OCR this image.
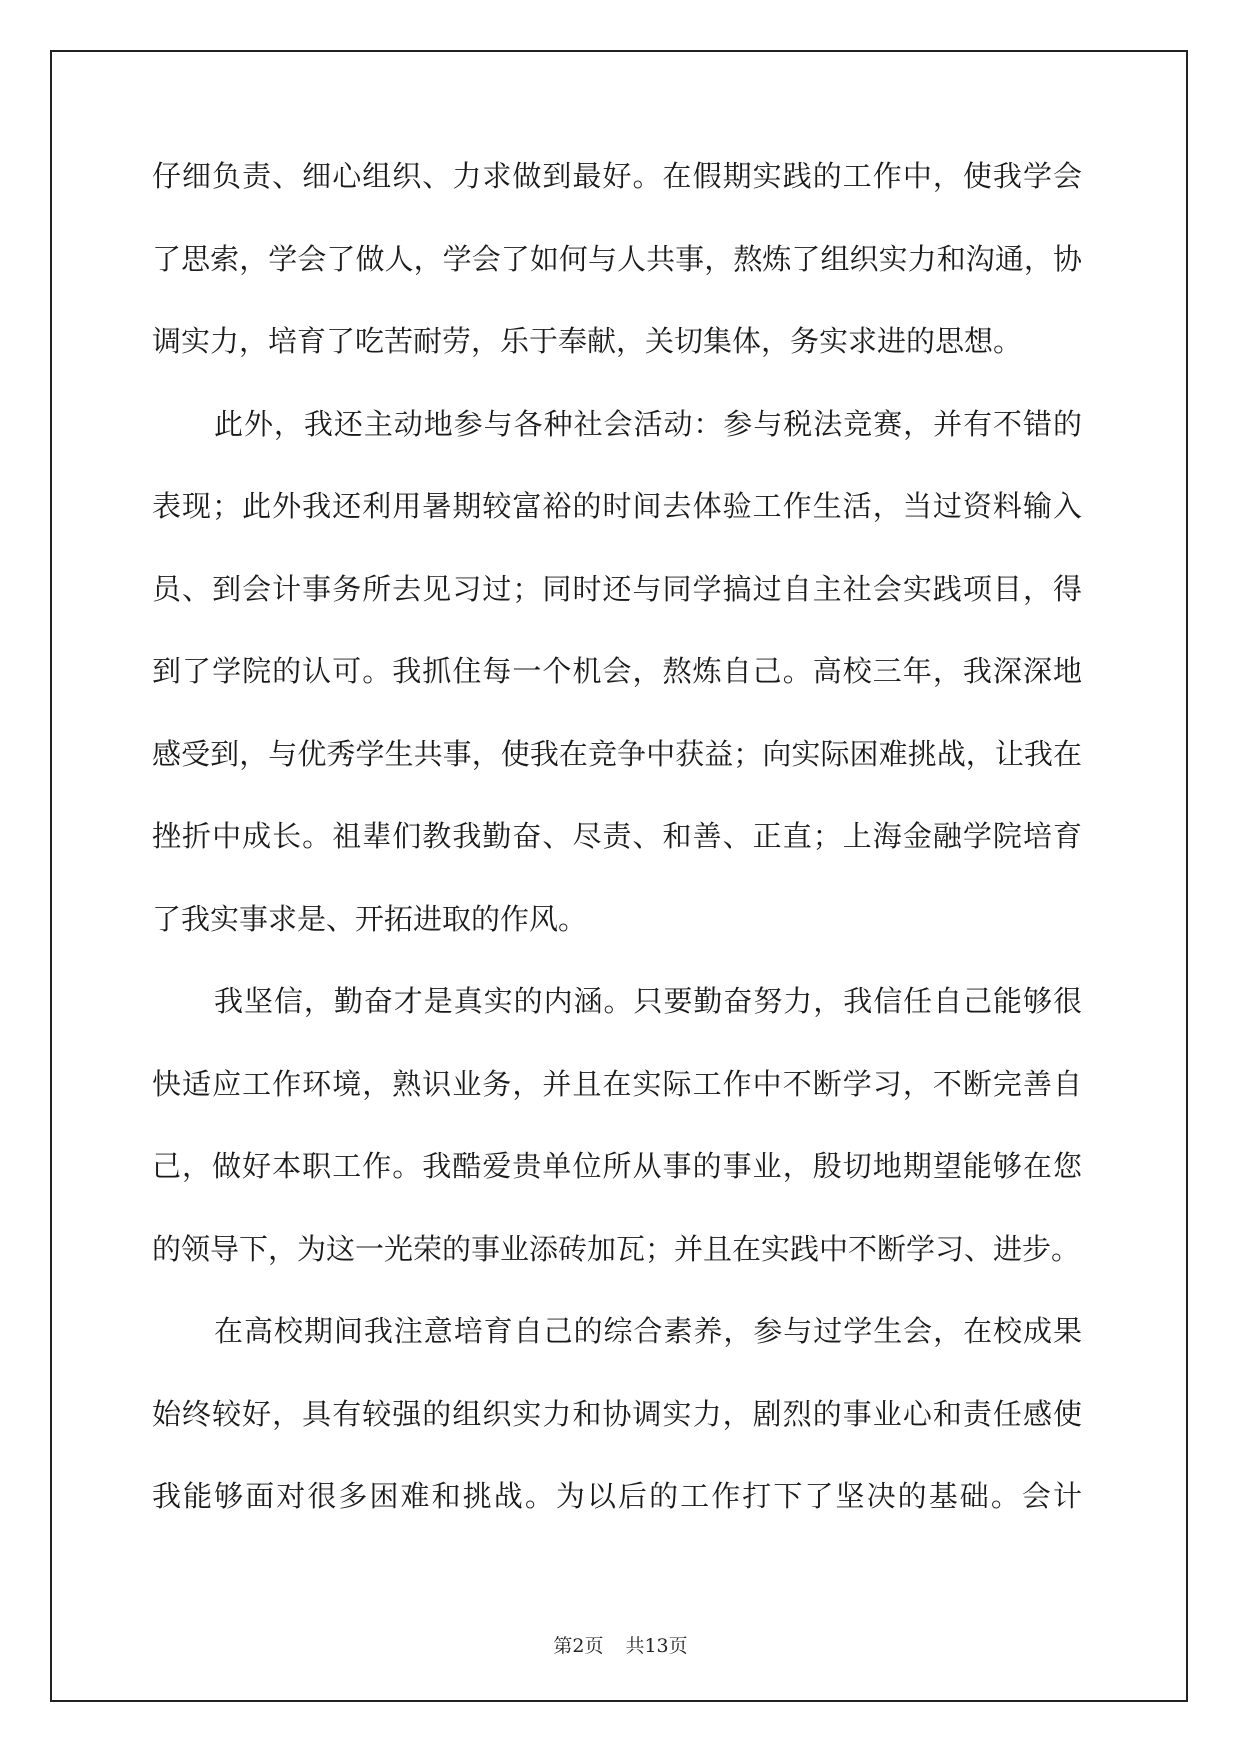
仔细负责、细心组织、力求做到最好。在假期实践的工作中，使我学会
了思索，学会了做人，学会了如何与人共事，熬炼了组织实力和沟通，协
调实力，培育了吃苦耐劳，乐于奉献，关切集体，务实求进的思想。
此外，我还主动地参与各种社会活动：参与税法竞赛，并有不错的
表现；此外我还利用暑期较富裕的时间去体验工作生活，当过资料输入
员、到会计事务所去见习过；同时还与同学搞过自主社会实践项目，得
到了学院的认可。我抓住每一个机会，熬炼自己。高校三年，我深深地
感受到，与优秀学生共事，使我在竞争中获益；向实际困难挑战，让我在
挫折中成长。祖辈们教我勤奋、尽责、和善、正直；上海金融学院培育
了我实事求是、开拓进取的作风。
我坚信，勤奋才是真实的内涵。只要勤奋努力，我信任自己能够很
快适应工作环境，熟识业务，并且在实际工作中不断学习，不断完善自
己，做好本职工作。我酷爱贵单位所从事的事业，殷切地期望能够在您
的领导下，为这一光荣的事业添砖加瓦；并且在实践中不断学习、进步。
在高校期间我注意培育自己的综合素养，参与过学生会，在校成果
始终较好，具有较强的组织实力和协调实力，剧烈的事业心和责任感使
我能够面对很多困难和挑战。为以后的工作打下了坚决的基础。会计
第2页 共13页
